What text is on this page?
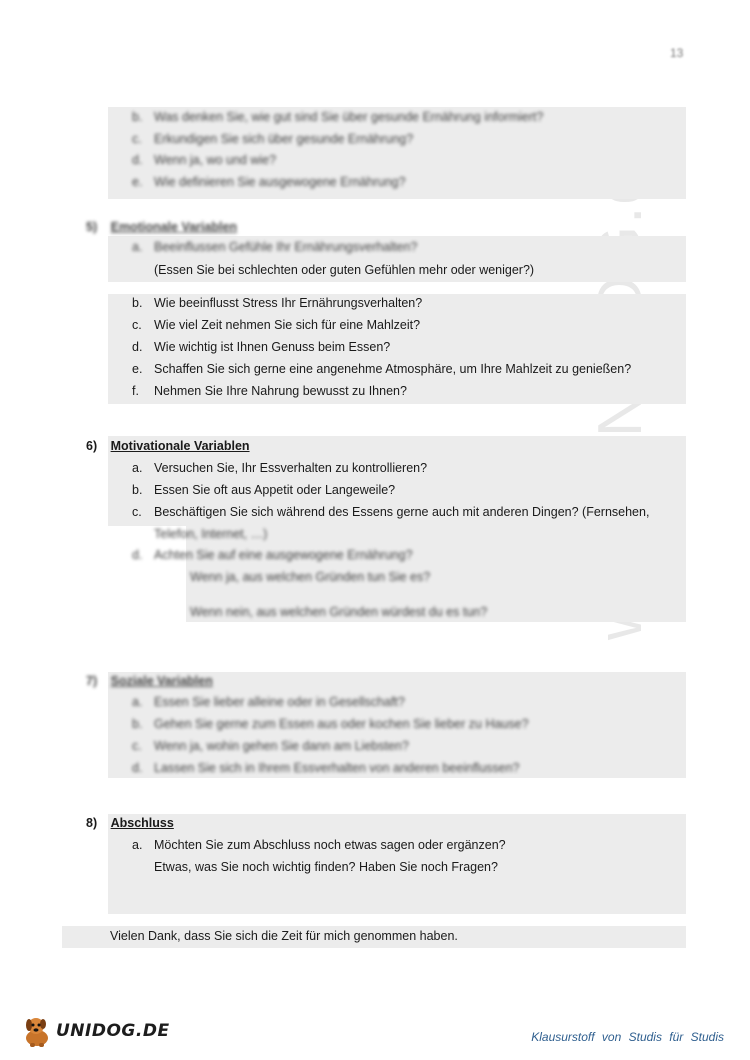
13
b. Was denken Sie, wie gut sind Sie über gesunde Ernährung informiert?
c. Erkundigen Sie sich über gesunde Ernährung?
d. Wenn ja, wo und wie?
e. Wie definieren Sie ausgewogene Ernährung?
5) Emotionale Variablen
a. Beeinflussen Gefühle Ihr Ernährungsverhalten?
(Essen Sie bei schlechten oder guten Gefühlen mehr oder weniger?)
b. Wie beeinflusst Stress Ihr Ernährungsverhalten?
c. Wie viel Zeit nehmen Sie sich für eine Mahlzeit?
d. Wie wichtig ist Ihnen Genuss beim Essen?
e. Schaffen Sie sich gerne eine angenehme Atmosphäre, um Ihre Mahlzeit zu genießen?
f. Nehmen Sie Ihre Nahrung bewusst zu Ihnen?
6) Motivationale Variablen
a. Versuchen Sie, Ihr Essverhalten zu kontrollieren?
b. Essen Sie oft aus Appetit oder Langeweile?
c. Beschäftigen Sie sich während des Essens gerne auch mit anderen Dingen? (Fernsehen,
Telefon, Internet, …)
d. Achten Sie auf eine ausgewogene Ernährung?
Wenn ja, aus welchen Gründen tun Sie es?
Wenn nein, aus welchen Gründen würdest du es tun?
7) Soziale Variablen
a. Essen Sie lieber alleine oder in Gesellschaft?
b. Gehen Sie gerne zum Essen aus oder kochen Sie lieber zu Hause?
c. Wenn ja, wohin gehen Sie dann am Liebsten?
d. Lassen Sie sich in Ihrem Essverhalten von anderen beeinflussen?
8) Abschluss
a. Möchten Sie zum Abschluss noch etwas sagen oder ergänzen?
Etwas, was Sie noch wichtig finden? Haben Sie noch Fragen?
Vielen Dank, dass Sie sich die Zeit für mich genommen haben.
UNIDOG.DE	Klausurstoff von Studis für Studis
